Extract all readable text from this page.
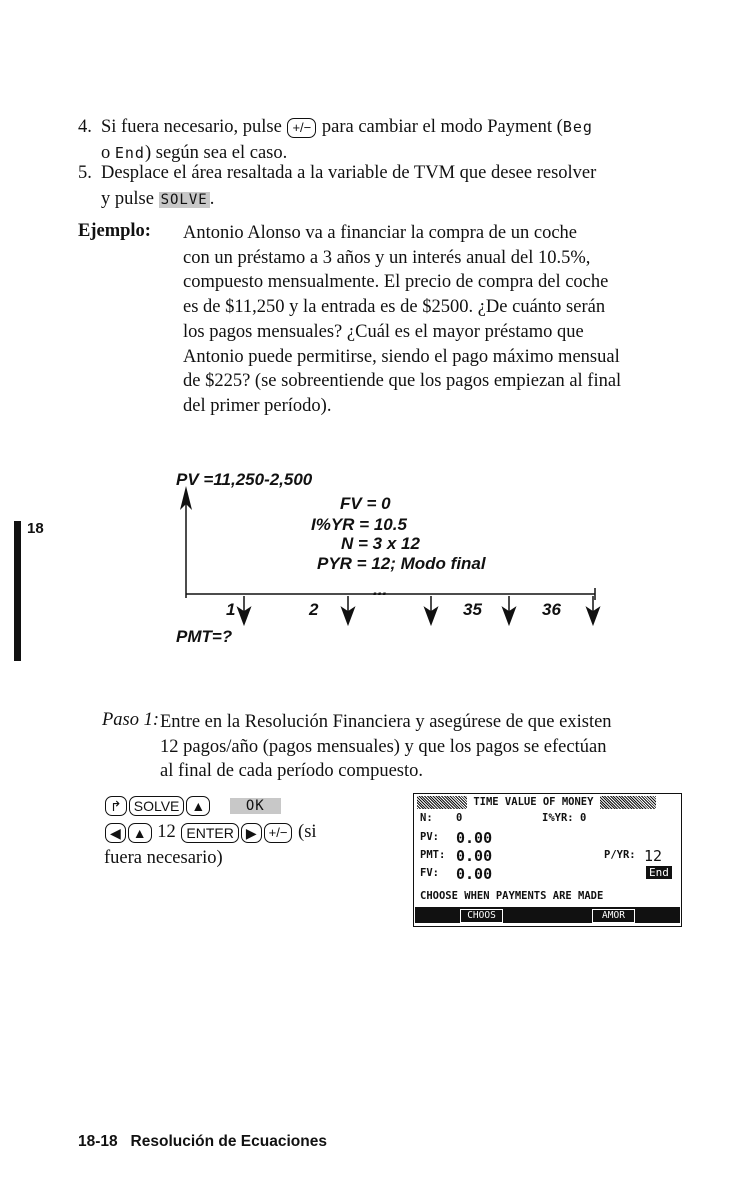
4. Si fuera necesario, pulse +/− para cambiar el modo Payment (Beg
o End) según sea el caso.
5. Desplace el área resaltada a la variable de TVM que desee resolver
y pulse SOLVE .
Ejemplo: Antonio Alonso va a financiar la compra de un coche
con un préstamo a 3 años y un interés anual del 10.5%,
compuesto mensualmente. El precio de compra del coche
es de $11,250 y la entrada es de $2500. ¿De cuánto serán
los pagos mensuales? ¿Cuál es el mayor préstamo que
Antonio puede permitirse, siendo el pago máximo mensual
de $225? (se sobreentiende que los pagos empiezan al final
del primer período).
18
PV =11,250-2,500
FV = 0
I%YR = 10.5
N = 3 x 12
PYR = 12; Modo final
...
1	2	35	36
PMT=?
Paso 1: Entre en la Resolución Financiera y asegúrese de que existen
12 pagos/año (pagos mensuales) y que los pagos se efectúan
al final de cada período compuesto.
↱ SOLVE ▲	OK
◀ ▲ 12 ENTER ▶ +/− (si
fuera necesario)
TIME VALUE OF MONEY
N: 0	I%YR: 0
PV: 0.00
PMT: 0.00	P/YR: 12
FV: 0.00	End
CHOOSE WHEN PAYMENTS ARE MADE
CHOOS	AMOR
18-18   Resolución de Ecuaciones
